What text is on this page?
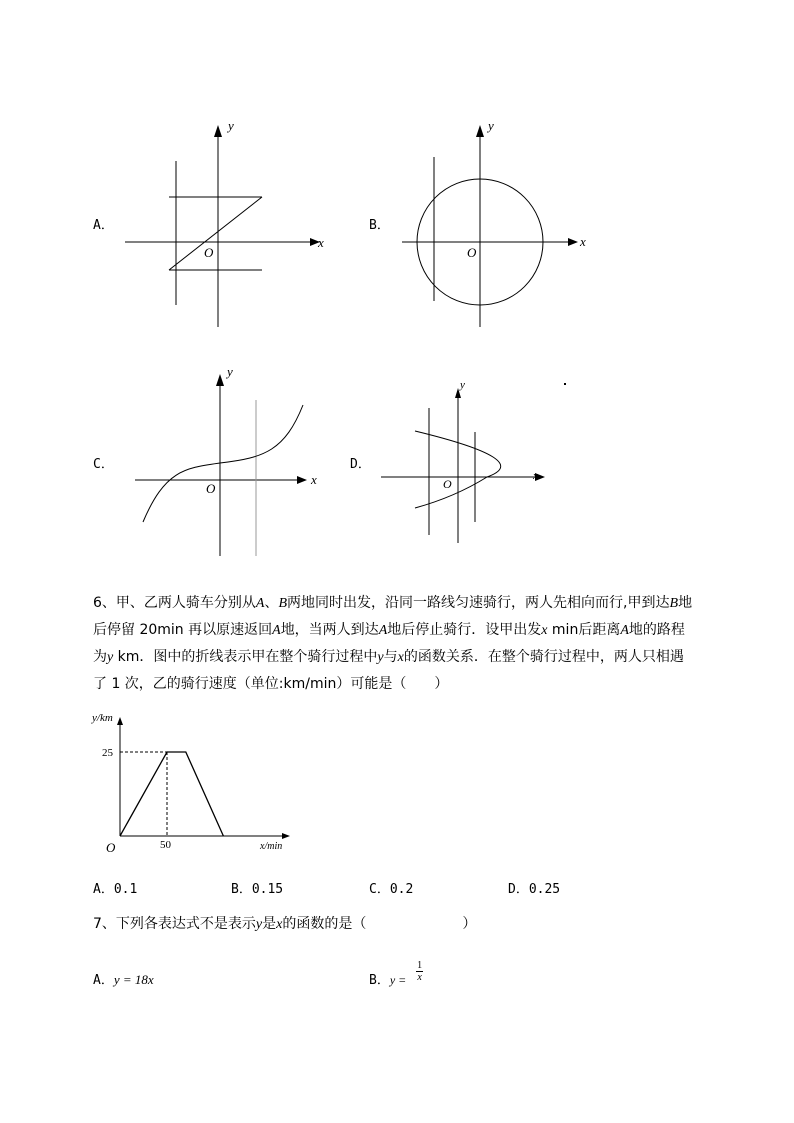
A．
y
x
O
B．
y
x
O
C．
y
x
O
D．
y
x
O

6、甲、乙两人骑车分别从A、B两地同时出发，沿同一路线匀速骑行，两人先相向而行,甲到达B地

后停留 20min 再以原速返回A地，当两人到达A地后停止骑行．设甲出发x min后距离A地的路程

为y km．图中的折线表示甲在整个骑行过程中y与x的函数关系．在整个骑行过程中，两人只相遇

了 1 次，乙的骑行速度（单位:km/min）可能是（　　）

y/km
x/min
O
25
50
A．0.1	B．0.15	C．0.2	D．0.25
7、下列各表达式不是表示y是x的函数的是（	）
A．y = 18x	B．$y = \frac{1}{x}$
